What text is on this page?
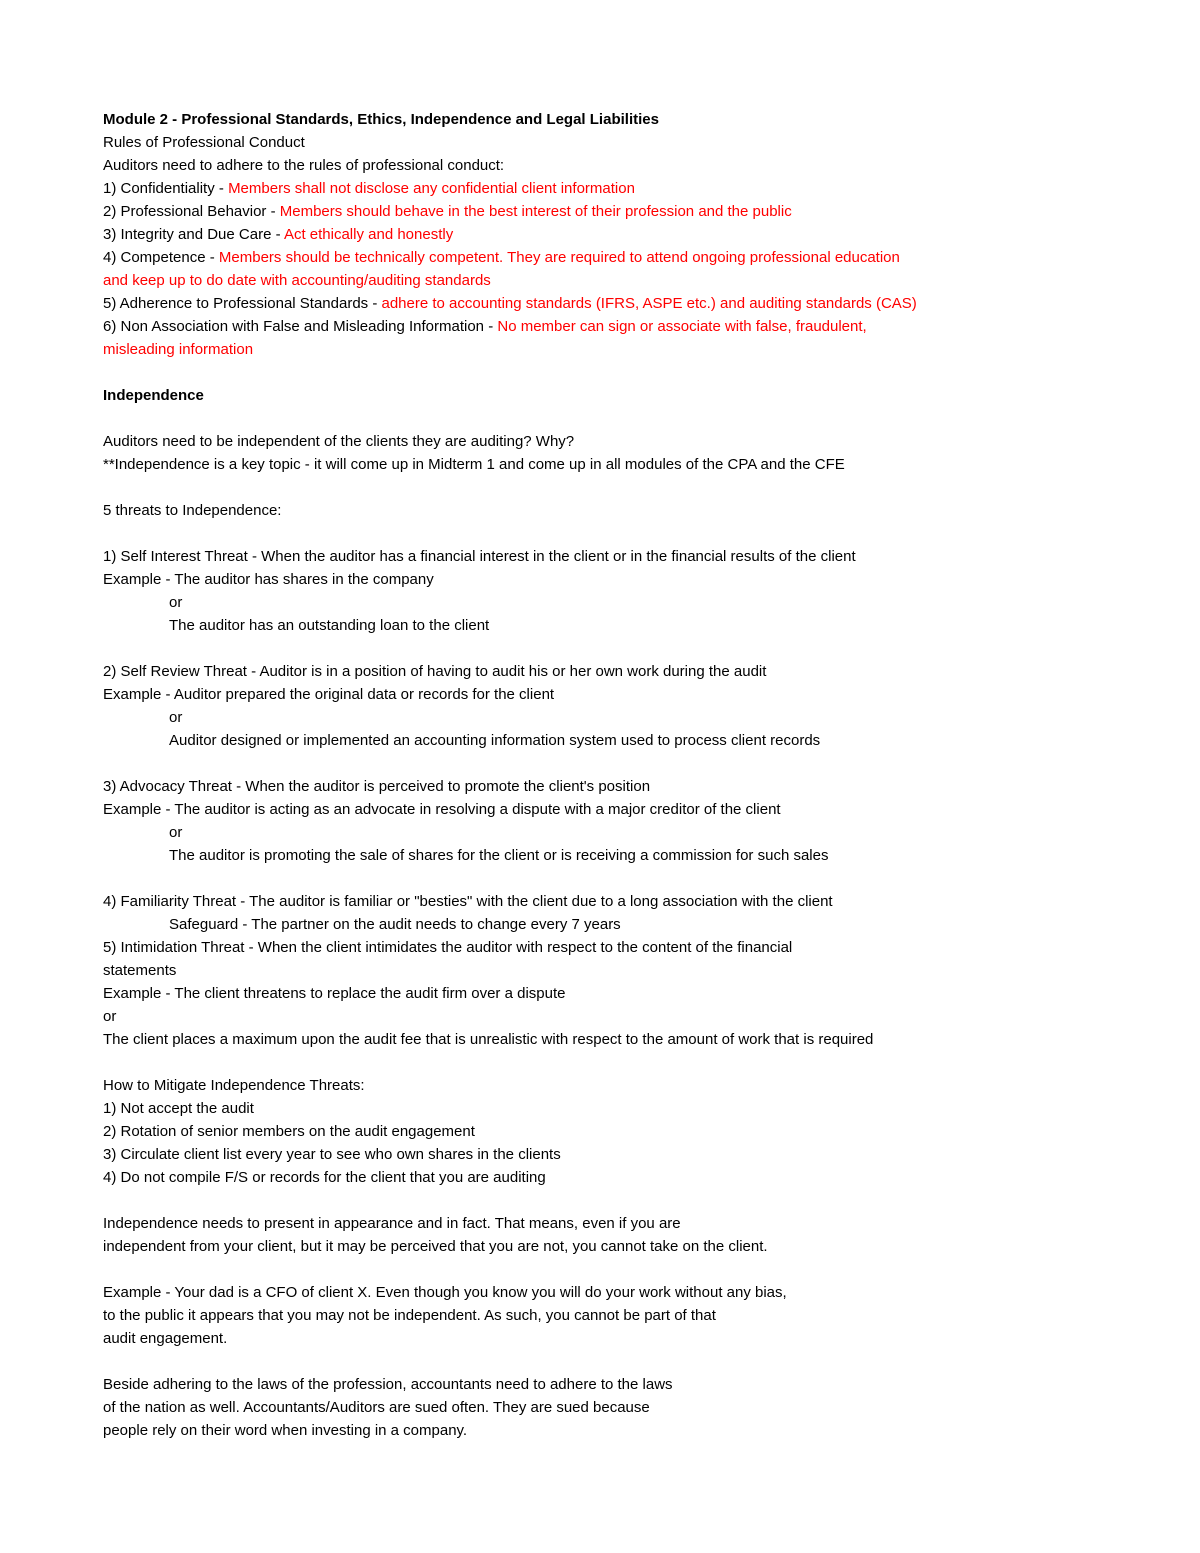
Module 2 - Professional Standards, Ethics, Independence and Legal Liabilities
Rules of Professional Conduct
Auditors need to adhere to the rules of professional conduct:
1) Confidentiality - Members shall not disclose any confidential client information
2) Professional Behavior - Members should behave in the best interest of their profession and the public
3) Integrity and Due Care - Act ethically and honestly
4) Competence - Members should be technically competent. They are required to attend ongoing professional education
and keep up to do date with accounting/auditing standards
5) Adherence to Professional Standards - adhere to accounting standards (IFRS, ASPE etc.) and auditing standards (CAS)
6) Non Association with False and Misleading Information - No member can sign or associate with false, fraudulent,
misleading information
Independence
Auditors need to be independent of the clients they are auditing? Why?
**Independence is a key topic - it will come up in Midterm 1 and come up in all modules of the CPA and the CFE
5 threats to Independence:
1) Self Interest Threat - When the auditor has a financial interest in the client or in the financial results of the client
Example - The auditor has shares in the company
or
The auditor has an outstanding loan to the client
2) Self Review Threat - Auditor is in a position of having to audit his or her own work during the audit
Example - Auditor prepared the original data or records for the client
or
Auditor designed or implemented an accounting information system used to process client records
3) Advocacy Threat - When the auditor is perceived to promote the client's position
Example - The auditor is acting as an advocate in resolving a dispute with a major creditor of the client
or
The auditor is promoting the sale of shares for the client or is receiving a commission for such sales
4) Familiarity Threat - The auditor is familiar or "besties" with the client due to a long association with the client
Safeguard - The partner on the audit needs to change every 7 years
5) Intimidation Threat - When the client intimidates the auditor with respect to the content of the financial
statements
Example - The client threatens to replace the audit firm over a dispute
or
The client places a maximum upon the audit fee that is unrealistic with respect to the amount of work that is required
How to Mitigate Independence Threats:
1) Not accept the audit
2) Rotation of senior members on the audit engagement
3) Circulate client list every year to see who own shares in the clients
4) Do not compile F/S or records for the client that you are auditing
Independence needs to present in appearance and in fact. That means, even if you are
independent from your client, but it may be perceived that you are not, you cannot take on the client.
Example - Your dad is a CFO of client X. Even though you know you will do your work without any bias,
to the public it appears that you may not be independent. As such, you cannot be part of that
audit engagement.
Beside adhering to the laws of the profession, accountants need to adhere to the laws
of the nation as well. Accountants/Auditors are sued often. They are sued because
people rely on their word when investing in a company.
